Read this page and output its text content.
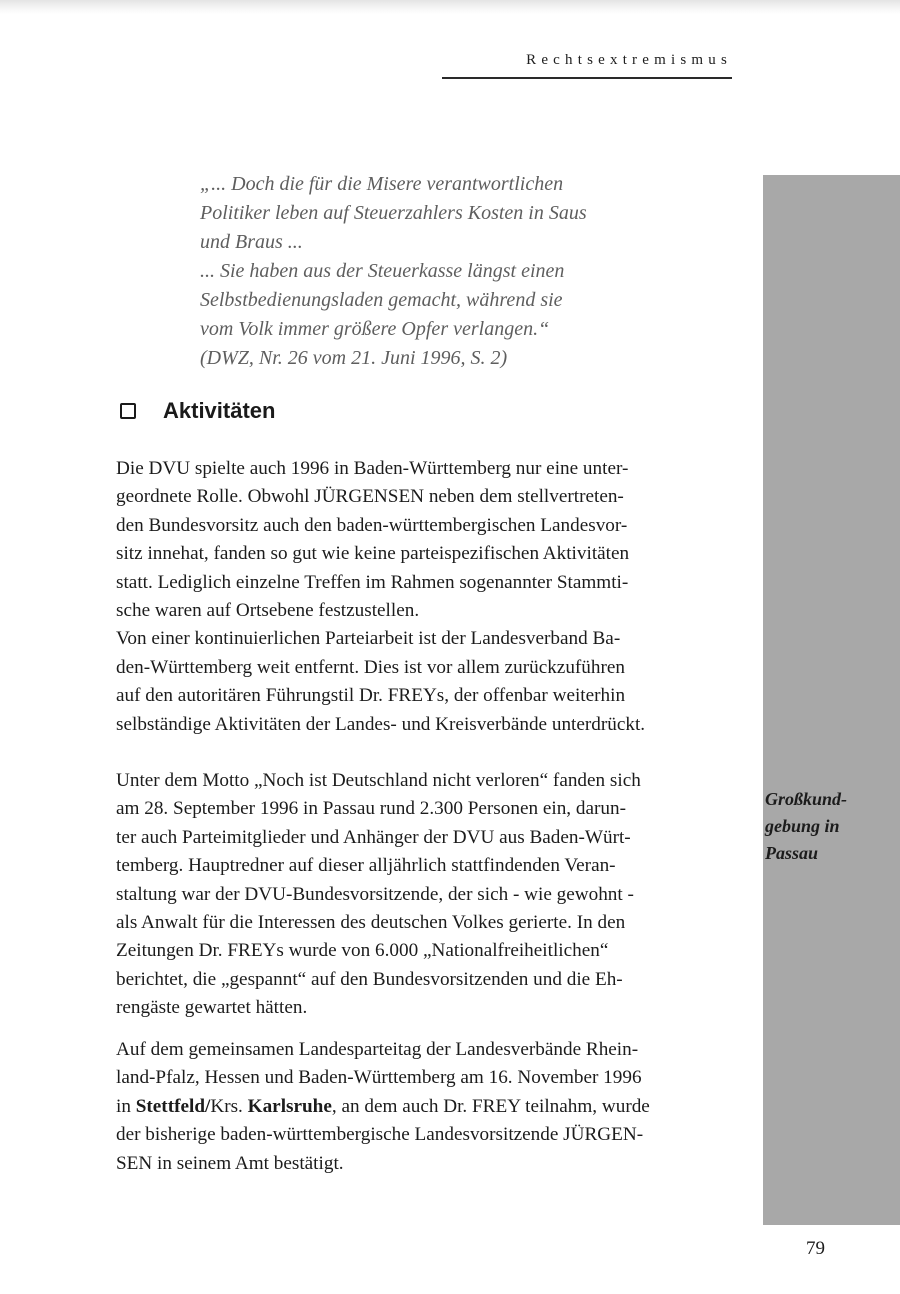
Rechtsextremismus
„... Doch die für die Misere verantwortlichen
Politiker leben auf Steuerzahlers Kosten in Saus
und Braus ...
... Sie haben aus der Steuerkasse längst einen
Selbstbedienungsladen gemacht, während sie
vom Volk immer größere Opfer verlangen.“
(DWZ, Nr. 26 vom 21. Juni 1996, S. 2)
Aktivitäten
Die DVU spielte auch 1996 in Baden-Württemberg nur eine unter-
geordnete Rolle. Obwohl JÜRGENSEN neben dem stellvertreten-
den Bundesvorsitz auch den baden-württembergischen Landesvor-
sitz innehat, fanden so gut wie keine parteispezifischen Aktivitäten
statt. Lediglich einzelne Treffen im Rahmen sogenannter Stammti-
sche waren auf Ortsebene festzustellen.
Von einer kontinuierlichen Parteiarbeit ist der Landesverband Ba-
den-Württemberg weit entfernt. Dies ist vor allem zurückzuführen
auf den autoritären Führungstil Dr. FREYs, der offenbar weiterhin
selbständige Aktivitäten der Landes- und Kreisverbände unterdrückt.
Unter dem Motto „Noch ist Deutschland nicht verloren“ fanden sich
am 28. September 1996 in Passau rund 2.300 Personen ein, darun-
ter auch Parteimitglieder und Anhänger der DVU aus Baden-Würt-
temberg. Hauptredner auf dieser alljährlich stattfindenden Veran-
staltung war der DVU-Bundesvorsitzende, der sich - wie gewohnt -
als Anwalt für die Interessen des deutschen Volkes gerierte. In den
Zeitungen Dr. FREYs wurde von 6.000 „Nationalfreiheitlichen“
berichtet, die „gespannt“ auf den Bundesvorsitzenden und die Eh-
rengäste gewartet hätten.
Großkund-
gebung in
Passau
Auf dem gemeinsamen Landesparteitag der Landesverbände Rhein-
land-Pfalz, Hessen und Baden-Württemberg am 16. November 1996
in Stettfeld/Krs. Karlsruhe, an dem auch Dr. FREY teilnahm, wurde
der bisherige baden-württembergische Landesvorsitzende JÜRGEN-
SEN in seinem Amt bestätigt.
79
